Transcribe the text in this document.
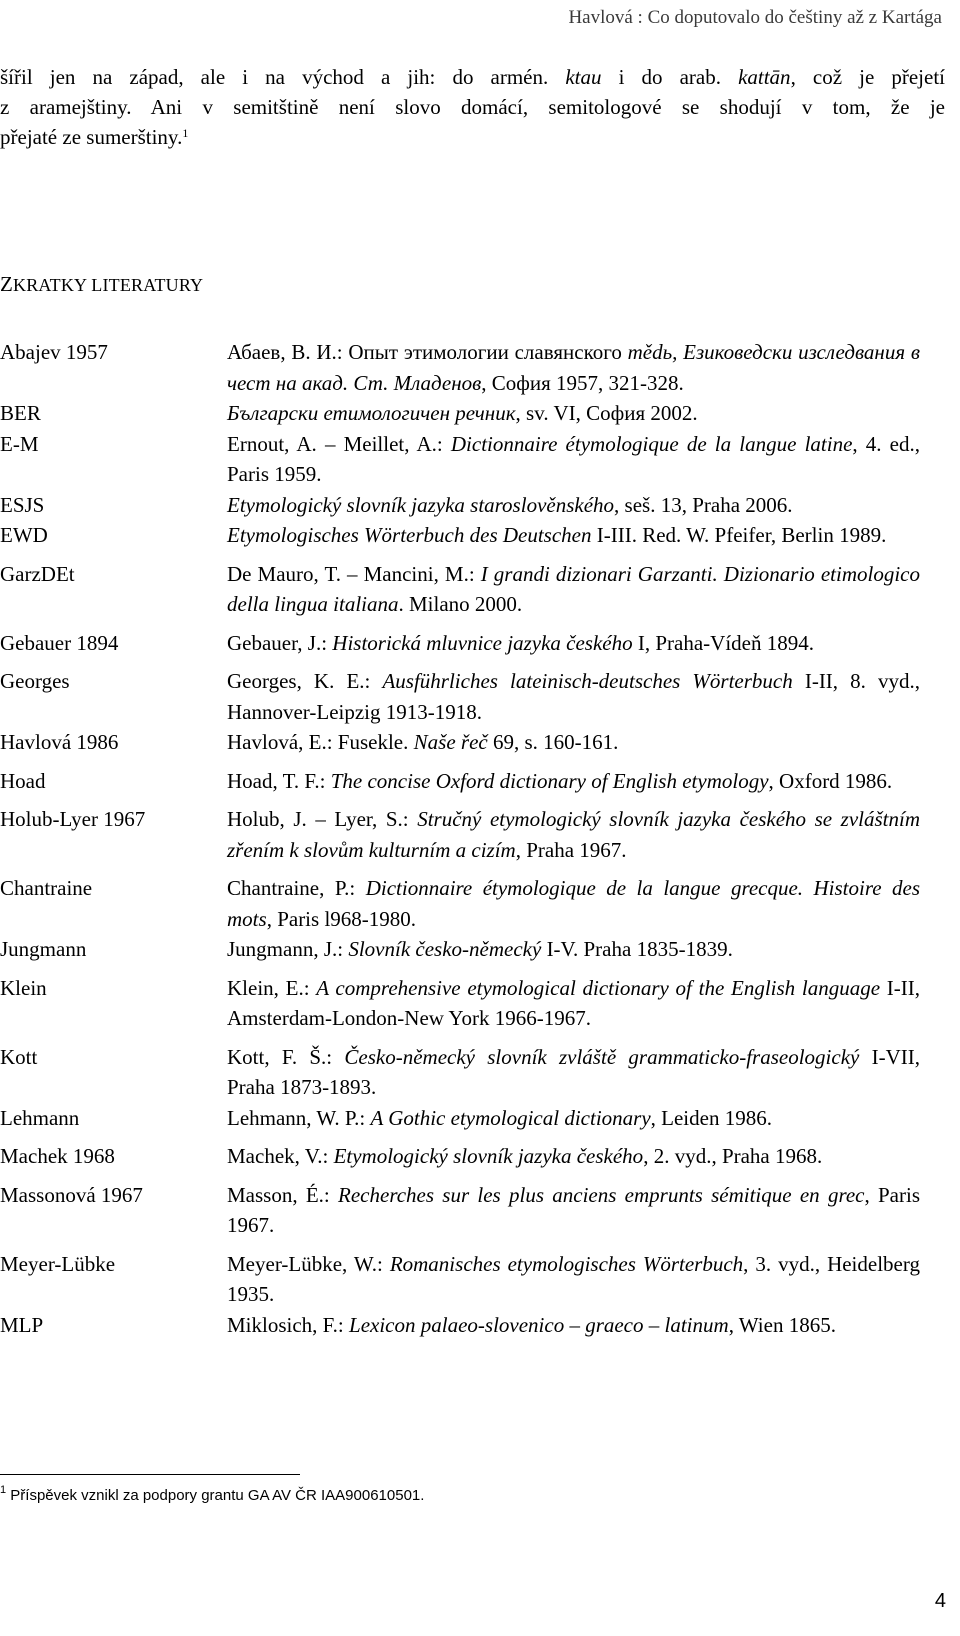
Havlová : Co doputovalo do češtiny až z Kartága
šířil jen na západ, ale i na východ a jih: do armén. ktau i do arab. kattān, což je přejetí
z aramejštiny. Ani v semitštině není slovo domácí, semitologové se shodují v tom, že je
přejaté ze sumerštiny.$^1$
ZKRATKY LITERATURY
Abajev 1957	Абаев, В. И.: Опыт этимологии славянского mědь, Езиковедски изследвания в чест на акад. Ст. Младенов, София 1957, 321-328.
BER	Български етимологичен речник, sv. VI, София 2002.
E-M	Ernout, A. – Meillet, A.: Dictionnaire étymologique de la langue latine, 4. ed., Paris 1959.
ESJS	Etymologický slovník jazyka staroslověnského, seš. 13, Praha 2006.
EWD	Etymologisches Wörterbuch des Deutschen I-III. Red. W. Pfeifer, Berlin 1989.
GarzDEt	De Mauro, T. – Mancini, M.: I grandi dizionari Garzanti. Dizionario etimologico della lingua italiana. Milano 2000.
Gebauer 1894	Gebauer, J.: Historická mluvnice jazyka českého I, Praha-Vídeň 1894.
Georges	Georges, K. E.: Ausführliches lateinisch-deutsches Wörterbuch I-II, 8. vyd., Hannover-Leipzig 1913-1918.
Havlová 1986	Havlová, E.: Fusekle. Naše řeč 69, s. 160-161.
Hoad	Hoad, T. F.: The concise Oxford dictionary of English etymology, Oxford 1986.
Holub-Lyer 1967	Holub, J. – Lyer, S.: Stručný etymologický slovník jazyka českého se zvláštním zřením k slovům kulturním a cizím, Praha 1967.
Chantraine	Chantraine, P.: Dictionnaire étymologique de la langue grecque. Histoire des mots, Paris l968-1980.
Jungmann	Jungmann, J.: Slovník česko-německý I-V. Praha 1835-1839.
Klein	Klein, E.: A comprehensive etymological dictionary of the English language I-II, Amsterdam-London-New York 1966-1967.
Kott	Kott, F. Š.: Česko-německý slovník zvláště grammaticko-fraseologický I-VII, Praha 1873-1893.
Lehmann	Lehmann, W. P.: A Gothic etymological dictionary, Leiden 1986.
Machek 1968	Machek, V.: Etymologický slovník jazyka českého, 2. vyd., Praha 1968.
Massonová 1967	Masson, É.: Recherches sur les plus anciens emprunts sémitique en grec, Paris 1967.
Meyer-Lübke	Meyer-Lübke, W.: Romanisches etymologisches Wörterbuch, 3. vyd., Heidelberg 1935.
MLP	Miklosich, F.: Lexicon palaeo-slovenico – graeco – latinum, Wien 1865.
$^1$ Příspěvek vznikl za podpory grantu GA AV ČR IAA900610501.
4
